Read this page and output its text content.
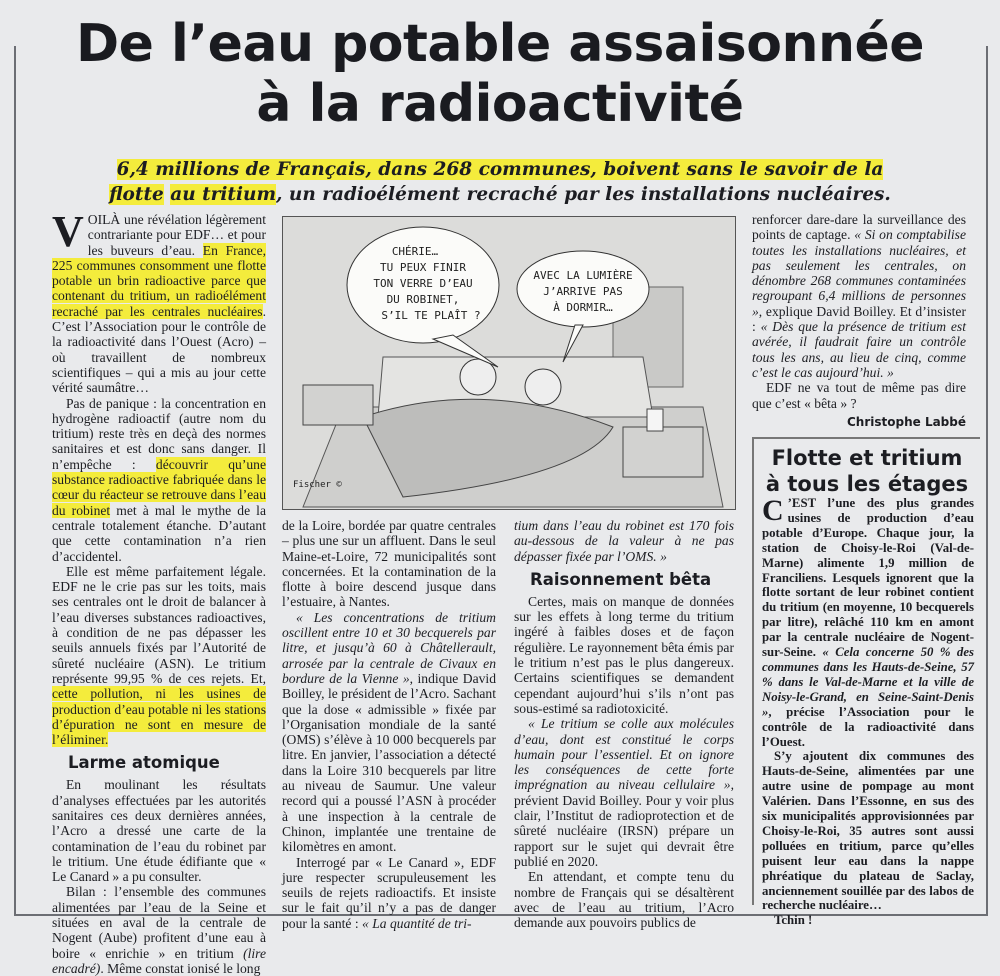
De l’eau potable assaisonnée
à la radioactivité

6,4 millions de Français, dans 268 communes, boivent sans le savoir de la flotte au tritium, un radioélément recraché par les installations nucléaires.

VOILÀ une révélation légèrement contrariante pour EDF… et pour les buveurs d’eau. En France, 225 communes consomment une flotte potable un brin radioactive parce que contenant du tritium, un radioélément recraché par les centrales nucléaires. C’est l’Association pour le contrôle de la radioactivité dans l’Ouest (Acro) – où travaillent de nombreux scientifiques – qui a mis au jour cette vérité saumâtre…

Pas de panique : la concentration en hydrogène radioactif (autre nom du tritium) reste très en deçà des normes sanitaires et est donc sans danger. Il n’empêche : découvrir qu’une substance radioactive fabriquée dans le cœur du réacteur se retrouve dans l’eau du robinet met à mal le mythe de la centrale totalement étanche. D’autant que cette contamination n’a rien d’accidentel.

Elle est même parfaitement légale. EDF ne le crie pas sur les toits, mais ses centrales ont le droit de balancer à l’eau diverses substances radioactives, à condition de ne pas dépasser les seuils annuels fixés par l’Autorité de sûreté nucléaire (ASN). Le tritium représente 99,95 % de ces rejets. Et, cette pollution, ni les usines de production d’eau potable ni les stations d’épuration ne sont en mesure de l’éliminer.

Larme atomique

En moulinant les résultats d’analyses effectuées par les autorités sanitaires ces deux dernières années, l’Acro a dressé une carte de la contamination de l’eau du robinet par le tritium. Une étude édifiante que « Le Canard » a pu consulter.

Bilan : l’ensemble des communes alimentées par l’eau de la Seine et situées en aval de la centrale de Nogent (Aube) profitent d’une eau à boire « enrichie » en tritium (lire encadré). Même constat ionisé le long

CHÉRIE…
TU PEUX FINIR
TON VERRE D’EAU
DU ROBINET,
S’IL TE PLAÎT ?
AVEC LA LUMIÈRE
J’ARRIVE PAS
À DORMIR…
Fischer ©

de la Loire, bordée par quatre centrales – plus une sur un affluent. Dans le seul Maine-et-Loire, 72 municipalités sont concernées. Et la contamination de la flotte à boire descend jusque dans l’estuaire, à Nantes.

« Les concentrations de tritium oscillent entre 10 et 30 becquerels par litre, et jusqu’à 60 à Châtellerault, arrosée par la centrale de Civaux en bordure de la Vienne », indique David Boilley, le président de l’Acro. Sachant que la dose « admissible » fixée par l’Organisation mondiale de la santé (OMS) s’élève à 10 000 becquerels par litre. En janvier, l’association a détecté dans la Loire 310 becquerels par litre au niveau de Saumur. Une valeur record qui a poussé l’ASN à procéder à une inspection à la centrale de Chinon, implantée une trentaine de kilomètres en amont.

Interrogé par « Le Canard », EDF jure respecter scrupuleusement les seuils de rejets radioactifs. Et insiste sur le fait qu’il n’y a pas de danger pour la santé : « La quantité de tri-

tium dans l’eau du robinet est 170 fois au-dessous de la valeur à ne pas dépasser fixée par l’OMS. »

Raisonnement bêta

Certes, mais on manque de données sur les effets à long terme du tritium ingéré à faibles doses et de façon régulière. Le rayonnement bêta émis par le tritium n’est pas le plus dangereux. Certains scientifiques se demandent cependant aujourd’hui s’ils n’ont pas sous-estimé sa radiotoxicité.

« Le tritium se colle aux molécules d’eau, dont est constitué le corps humain pour l’essentiel. Et on ignore les conséquences de cette forte imprégnation au niveau cellulaire », prévient David Boilley. Pour y voir plus clair, l’Institut de radioprotection et de sûreté nucléaire (IRSN) prépare un rapport sur le sujet qui devrait être publié en 2020.

En attendant, et compte tenu du nombre de Français qui se désaltèrent avec de l’eau au tritium, l’Acro demande aux pouvoirs publics de

renforcer dare-dare la surveillance des points de captage. « Si on comptabilise toutes les installations nucléaires, et pas seulement les centrales, on dénombre 268 communes contaminées regroupant 6,4 millions de personnes », explique David Boilley. Et d’insister : « Dès que la présence de tritium est avérée, il faudrait faire un contrôle tous les ans, au lieu de cinq, comme c’est le cas aujourd’hui. »

EDF ne va tout de même pas dire que c’est « bêta » ?

Christophe Labbé
Flotte et tritium
à tous les étages

C ’EST l’une des plus grandes usines de production d’eau potable d’Europe. Chaque jour, la station de Choisy-le-Roi (Val-de-Marne) alimente 1,9 million de Franciliens. Lesquels ignorent que la flotte sortant de leur robinet contient du tritium (en moyenne, 10 becquerels par litre), relâché 110 km en amont par la centrale nucléaire de Nogent-sur-Seine. « Cela concerne 50 % des communes dans les Hauts-de-Seine, 57 % dans le Val-de-Marne et la ville de Noisy-le-Grand, en Seine-Saint-Denis », précise l’Association pour le contrôle de la radioactivité dans l’Ouest.

S’y ajoutent dix communes des Hauts-de-Seine, alimentées par une autre usine de pompage au mont Valérien. Dans l’Essonne, en sus des six municipalités approvisionnées par Choisy-le-Roi, 35 autres sont aussi polluées en tritium, parce qu’elles puisent leur eau dans la nappe phréatique du plateau de Saclay, anciennement souillée par des labos de recherche nucléaire…

Tchin !
